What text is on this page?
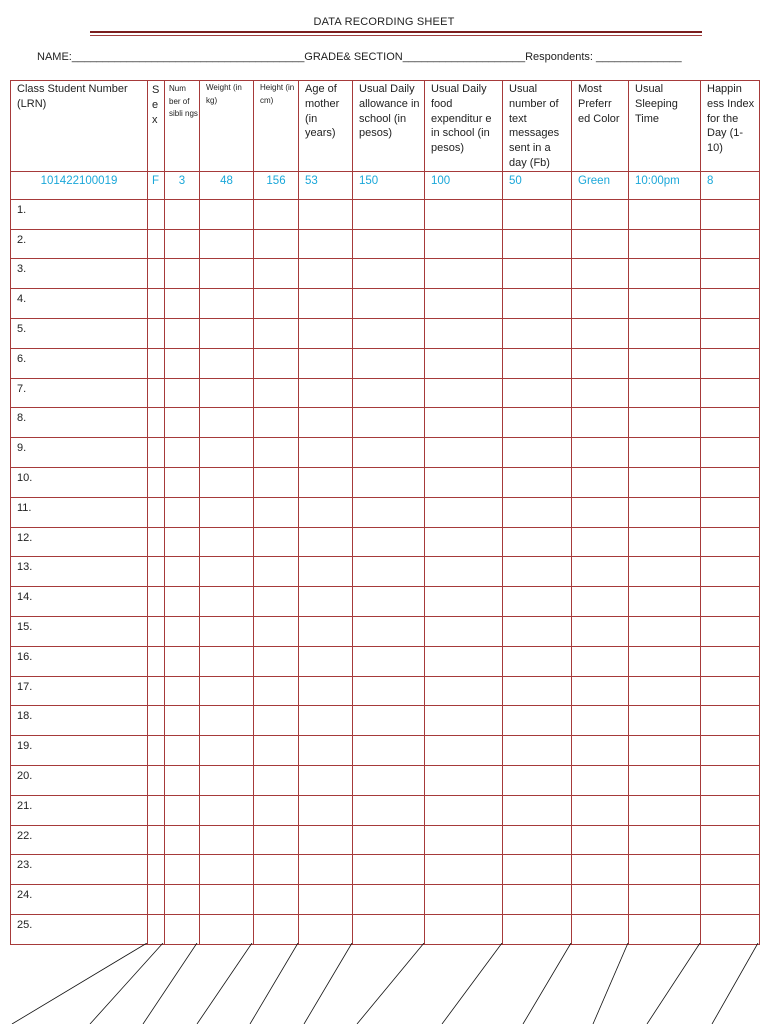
DATA RECORDING SHEET
NAME:______________________________________GRADE& SECTION____________________Respondents: ______________
Class Student Number (LRN)	S e x	Num ber of sibli ngs	Weight (in kg)	Height (in cm)	Age of mother (in years)	Usual Daily allowance in school (in pesos)	Usual Daily food expenditur e in school (in pesos)	Usual number of text messages sent in a day (Fb)	Most Preferr ed Color	Usual Sleeping Time	Happin ess Index for the Day (1-10)
101422100019	F	3	48	156	53	150	100	50	Green	10:00pm	8
1.											
2.											
3.											
4.											
5.											
6.											
7.											
8.											
9.											
10.											
11.											
12.											
13.											
14.											
15.											
16.											
17.											
18.											
19.											
20.											
21.											
22.											
23.											
24.											
25.											
